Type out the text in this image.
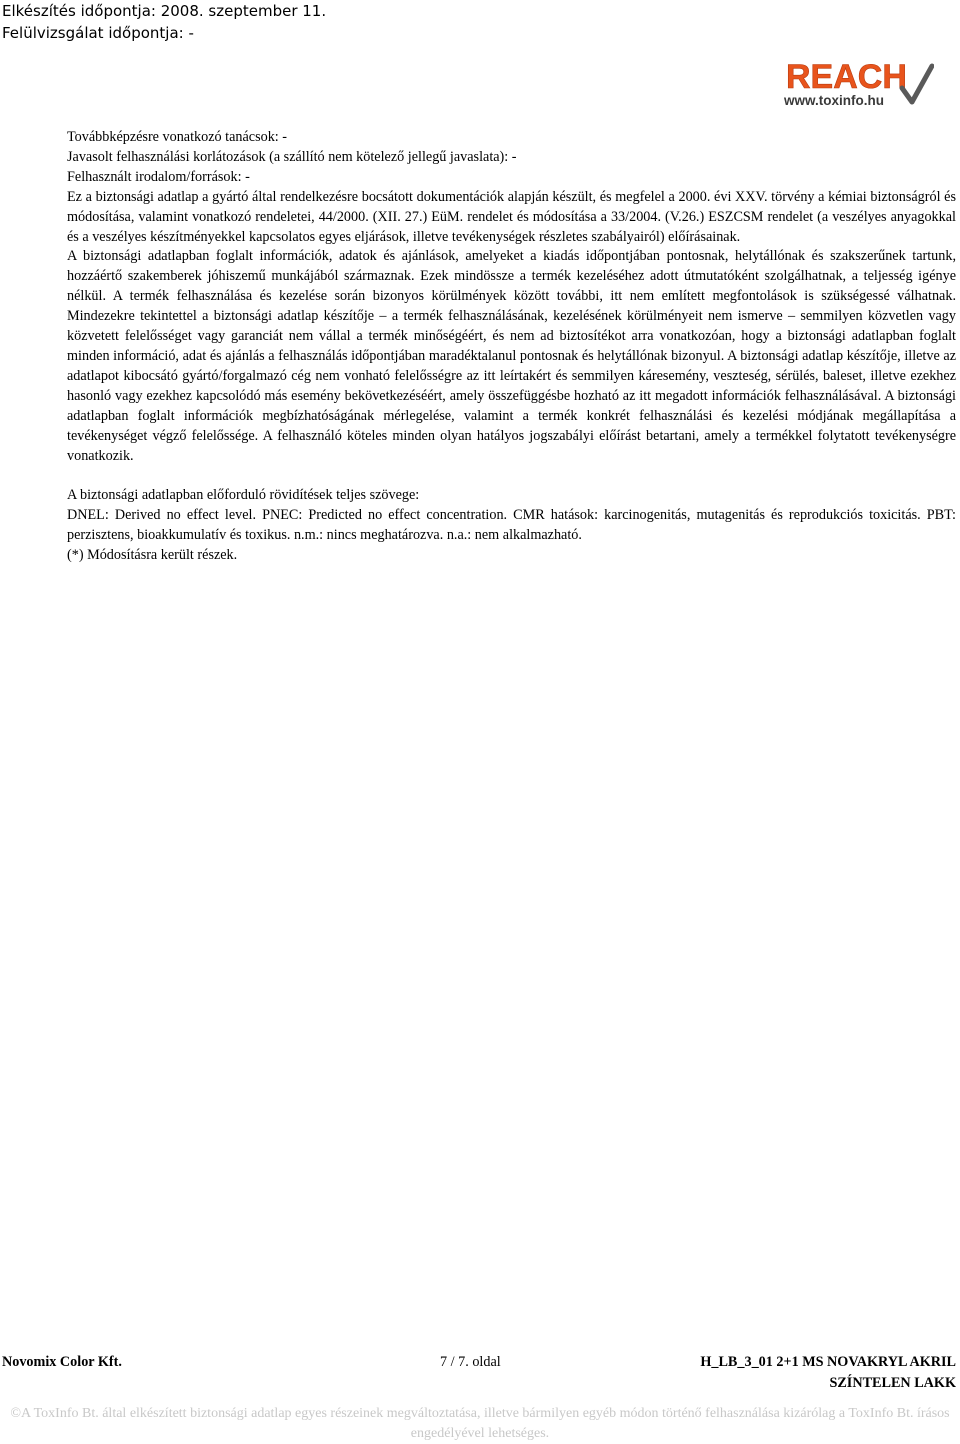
Elkészítés időpontja: 2008. szeptember 11.
Felülvizsgálat időpontja: -
REACH
www.toxinfo.hu

Továbbképzésre vonatkozó tanácsok: -

Javasolt felhasználási korlátozások (a szállító nem kötelező jellegű javaslata): -

Felhasznált irodalom/források: -

Ez a biztonsági adatlap a gyártó által rendelkezésre bocsátott dokumentációk alapján készült, és megfelel a 2000. évi XXV. törvény a kémiai biztonságról és módosítása, valamint vonatkozó rendeletei, 44/2000. (XII. 27.) EüM. rendelet és módosítása a 33/2004. (V.26.) ESZCSM rendelet (a veszélyes anyagokkal és a veszélyes készítményekkel kapcsolatos egyes eljárások, illetve tevékenységek részletes szabályairól) előírásainak.

A biztonsági adatlapban foglalt információk, adatok és ajánlások, amelyeket a kiadás időpontjában pontosnak, helytállónak és szakszerűnek tartunk, hozzáértő szakemberek jóhiszemű munkájából származnak. Ezek mindössze a termék kezeléséhez adott útmutatóként szolgálhatnak, a teljesség igénye nélkül. A termék felhasználása és kezelése során bizonyos körülmények között további, itt nem említett megfontolások is szükségessé válhatnak. Mindezekre tekintettel a biztonsági adatlap készítője – a termék felhasználásának, kezelésének körülményeit nem ismerve – semmilyen közvetlen vagy közvetett felelősséget vagy garanciát nem vállal a termék minőségéért, és nem ad biztosítékot arra vonatkozóan, hogy a biztonsági adatlapban foglalt minden információ, adat és ajánlás a felhasználás időpontjában maradéktalanul pontosnak és helytállónak bizonyul. A biztonsági adatlap készítője, illetve az adatlapot kibocsátó gyártó/forgalmazó cég nem vonható felelősségre az itt leírtakért és semmilyen káresemény, veszteség, sérülés, baleset, illetve ezekhez hasonló vagy ezekhez kapcsolódó más esemény bekövetkezéséért, amely összefüggésbe hozható az itt megadott információk felhasználásával. A biztonsági adatlapban foglalt információk megbízhatóságának mérlegelése, valamint a termék konkrét felhasználási és kezelési módjának megállapítása a tevékenységet végző felelőssége. A felhasználó köteles minden olyan hatályos jogszabályi előírást betartani, amely a termékkel folytatott tevékenységre vonatkozik.

A biztonsági adatlapban előforduló rövidítések teljes szövege:

DNEL: Derived no effect level. PNEC: Predicted no effect concentration. CMR hatások: karcinogenitás, mutagenitás és reprodukciós toxicitás. PBT: perzisztens, bioakkumulatív és toxikus. n.m.: nincs meghatározva. n.a.: nem alkalmazható.

(*) Módosításra került részek.

Novomix Color Kft.	7 / 7. oldal	H_LB_3_01 2+1 MS NOVAKRYL AKRIL SZÍNTELEN LAKK
©A ToxInfo Bt. által elkészített biztonsági adatlap egyes részeinek megváltoztatása, illetve bármilyen egyéb módon történő felhasználása kizárólag a ToxInfo Bt. írásos engedélyével lehetséges.
